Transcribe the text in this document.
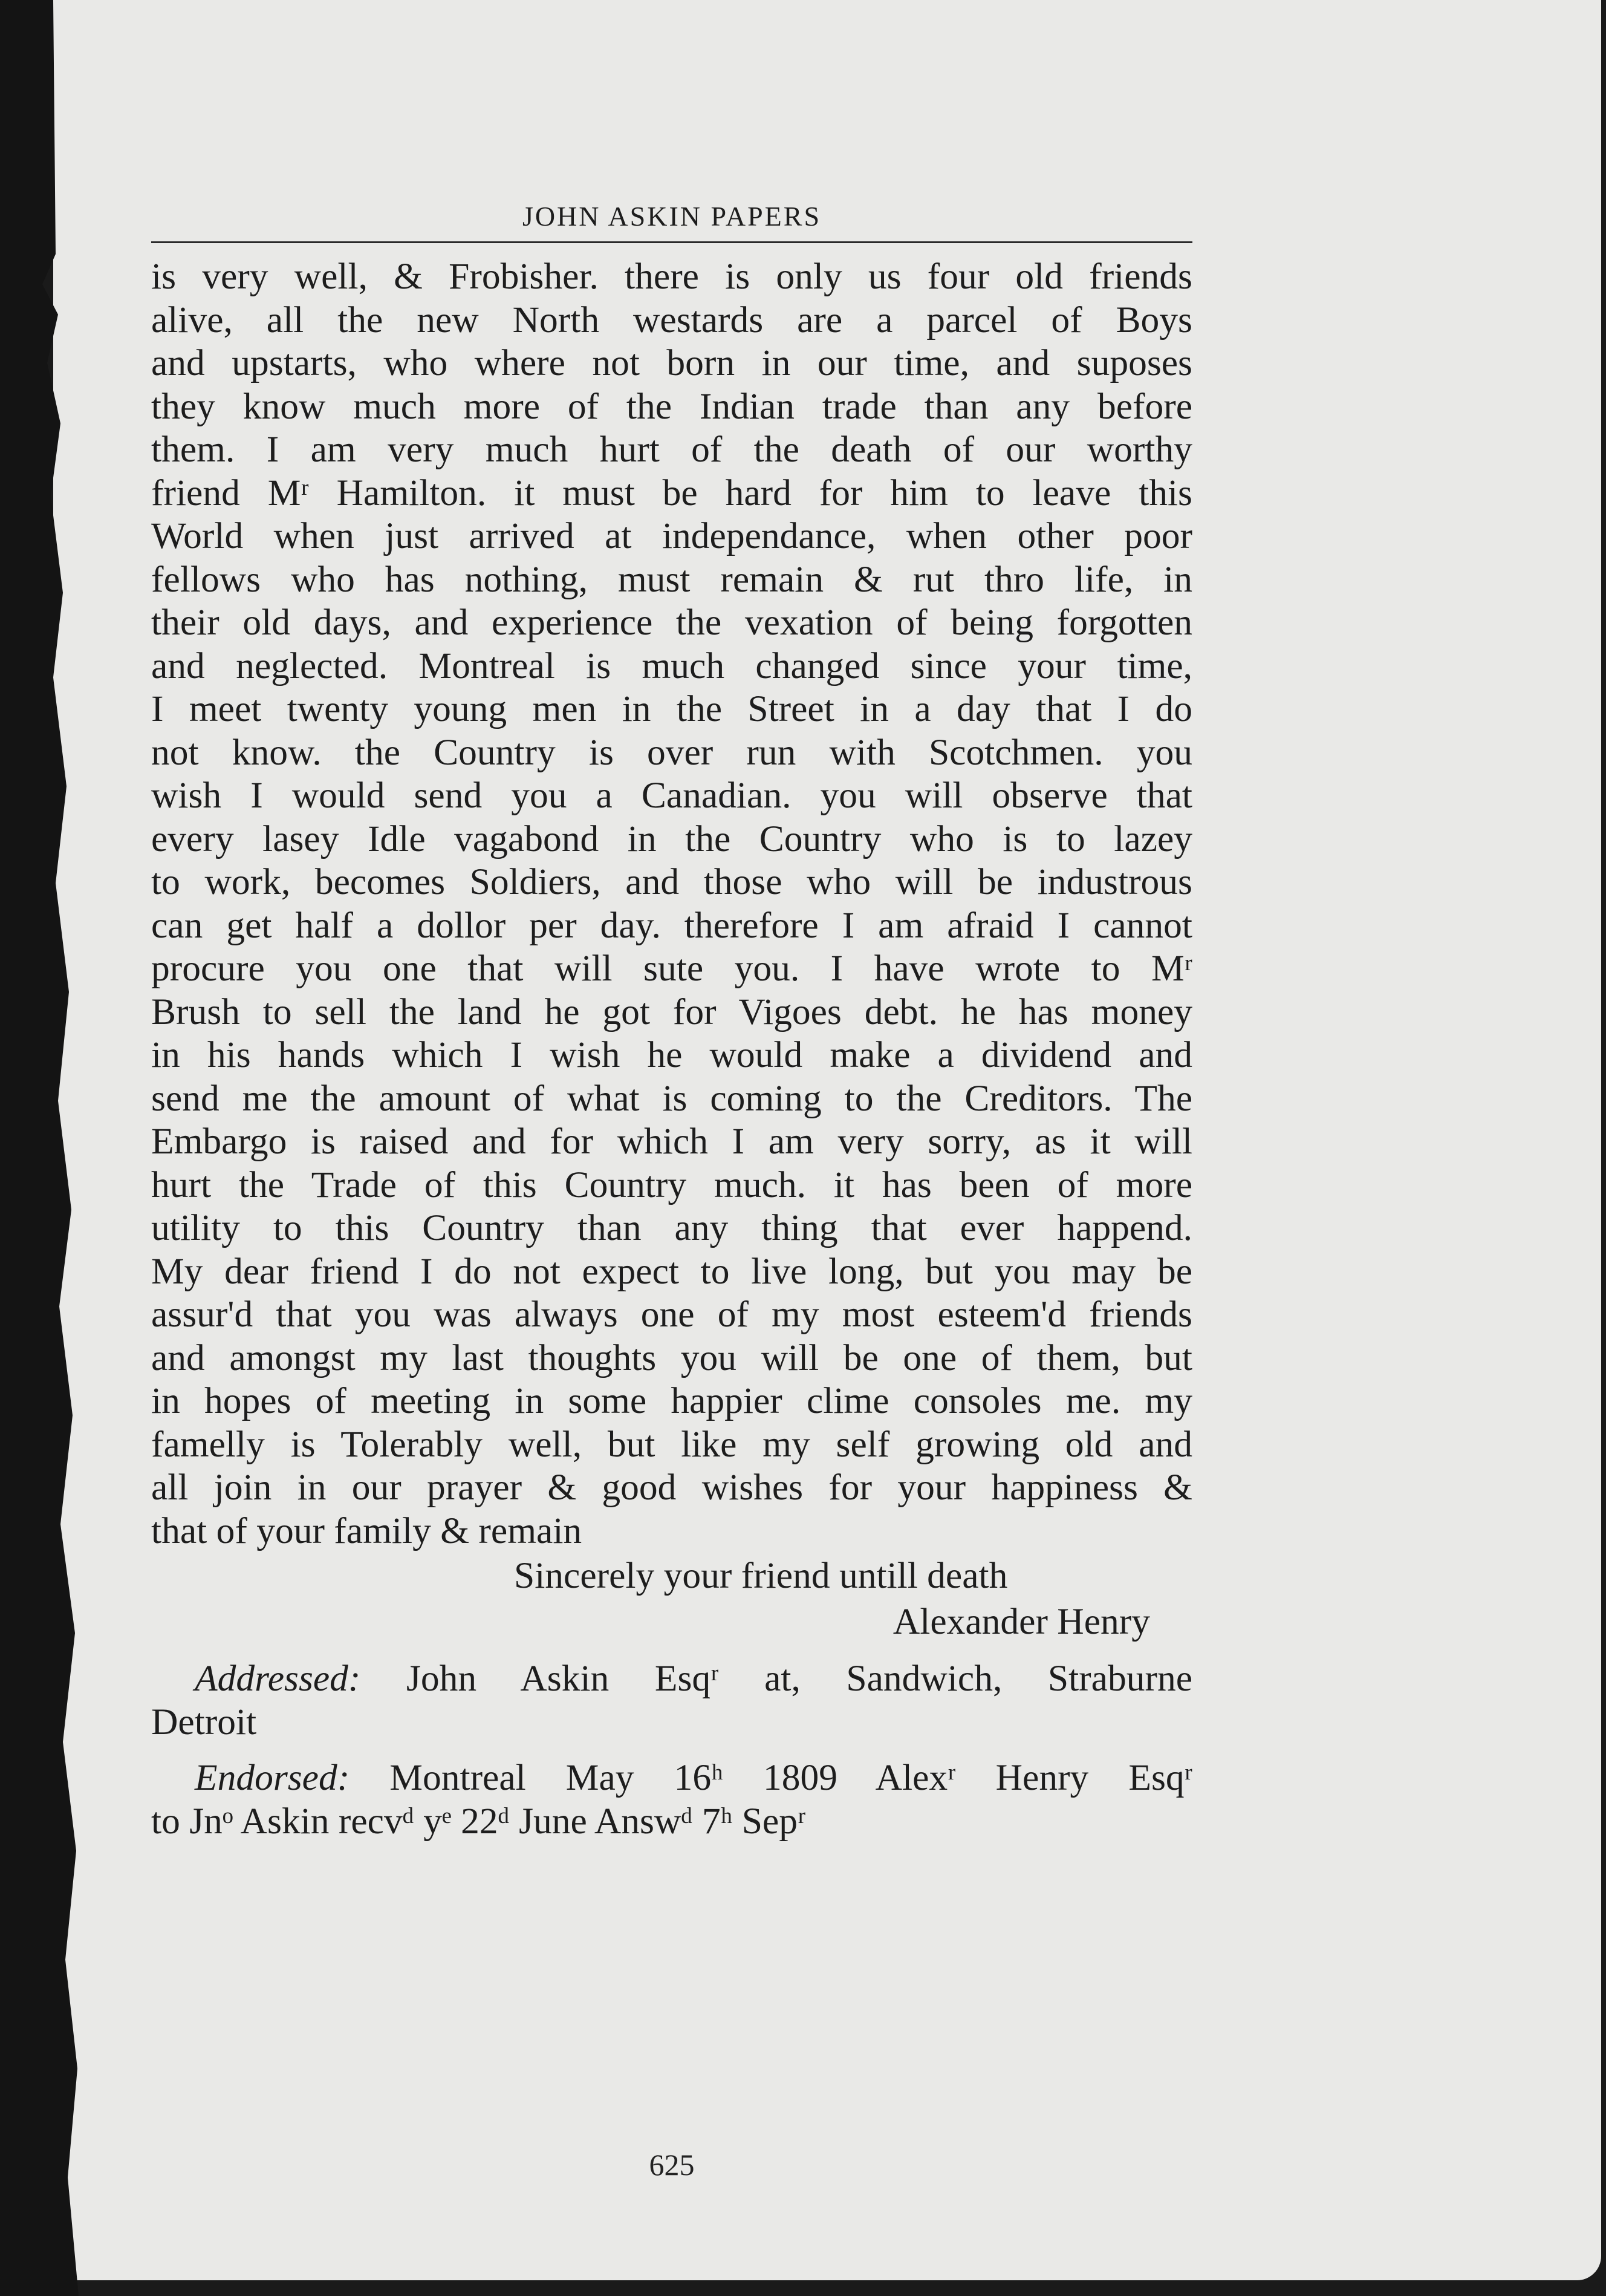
JOHN ASKIN PAPERS
is very well, & Frobisher. there is only us four old friends
alive, all the new North westards are a parcel of Boys
and upstarts, who where not born in our time, and suposes
they know much more of the Indian trade than any before
them. I am very much hurt of the death of our worthy
friend Mʳ Hamilton. it must be hard for him to leave this
World when just arrived at independance, when other poor
fellows who has nothing, must remain & rut thro life, in
their old days, and experience the vexation of being forgotten
and neglected. Montreal is much changed since your time,
I meet twenty young men in the Street in a day that I do
not know. the Country is over run with Scotchmen. you
wish I would send you a Canadian. you will observe that
every lasey Idle vagabond in the Country who is to lazey
to work, becomes Soldiers, and those who will be industrous
can get half a dollor per day. therefore I am afraid I cannot
procure you one that will sute you. I have wrote to Mʳ
Brush to sell the land he got for Vigoes debt. he has money
in his hands which I wish he would make a dividend and
send me the amount of what is coming to the Creditors. The
Embargo is raised and for which I am very sorry, as it will
hurt the Trade of this Country much. it has been of more
utility to this Country than any thing that ever happend.
My dear friend I do not expect to live long, but you may be
assur'd that you was always one of my most esteem'd friends
and amongst my last thoughts you will be one of them, but
in hopes of meeting in some happier clime consoles me. my
famelly is Tolerably well, but like my self growing old and
all join in our prayer & good wishes for your happiness &
that of your family & remain
Sincerely your friend untill death
Alexander Henry
Addressed: John Askin Esqʳ at, Sandwich, Straburne
Detroit
Endorsed: Montreal May 16ʰ 1809 Alexʳ Henry Esqʳ
to Jnᵒ Askin recvᵈ yᵉ 22ᵈ June Answᵈ 7ʰ Sepʳ
625
